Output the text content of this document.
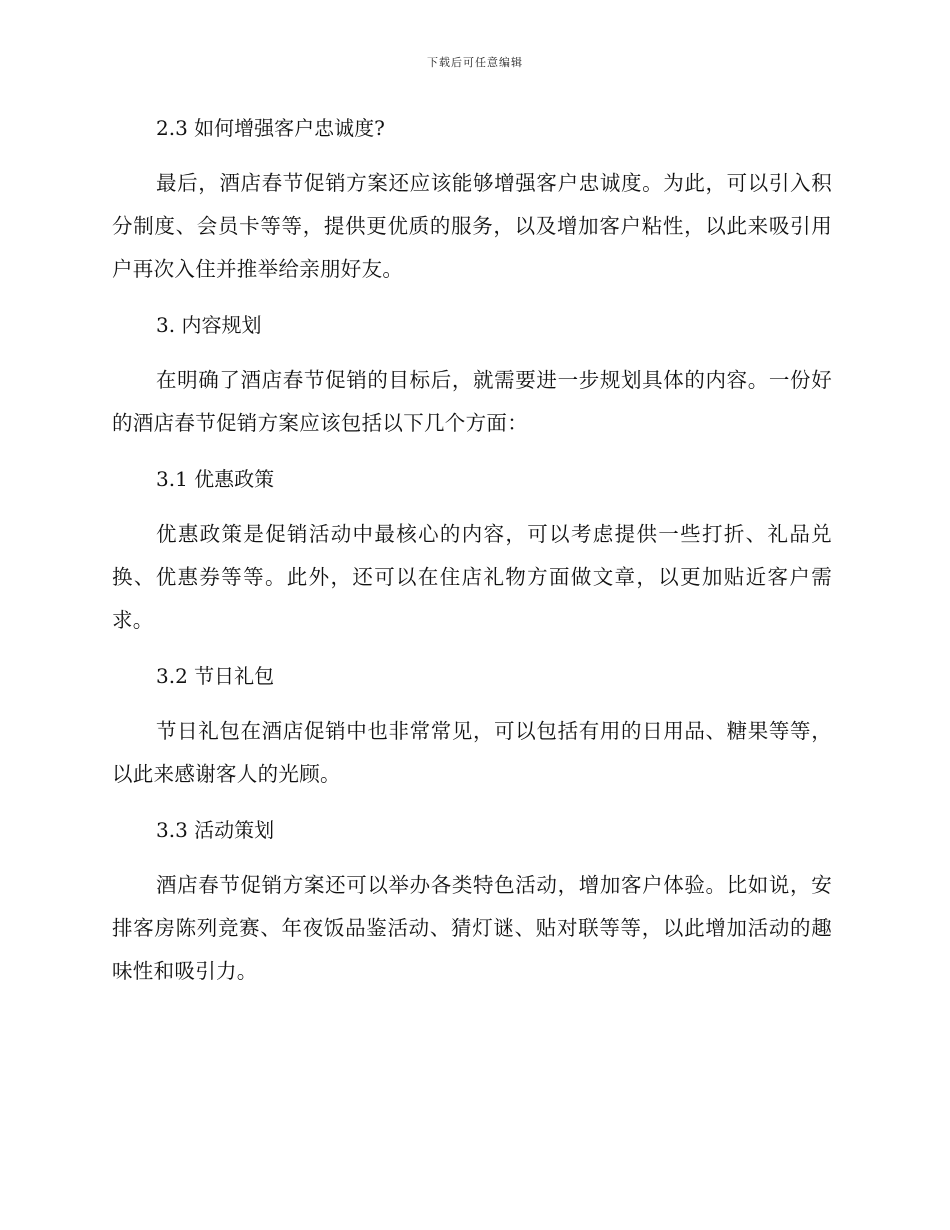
下载后可任意编辑
2.3 如何增强客户忠诚度?

最后，酒店春节促销方案还应该能够增强客户忠诚度。为此，可以引入积分制度、会员卡等等，提供更优质的服务，以及增加客户粘性，以此来吸引用户再次入住并推举给亲朋好友。

3. 内容规划

在明确了酒店春节促销的目标后，就需要进一步规划具体的内容。一份好的酒店春节促销方案应该包括以下几个方面：

3.1 优惠政策

优惠政策是促销活动中最核心的内容，可以考虑提供一些打折、礼品兑换、优惠券等等。此外，还可以在住店礼物方面做文章，以更加贴近客户需求。

3.2 节日礼包

节日礼包在酒店促销中也非常常见，可以包括有用的日用品、糖果等等，以此来感谢客人的光顾。

3.3 活动策划

酒店春节促销方案还可以举办各类特色活动，增加客户体验。比如说，安排客房陈列竞赛、年夜饭品鉴活动、猜灯谜、贴对联等等，以此增加活动的趣味性和吸引力。
